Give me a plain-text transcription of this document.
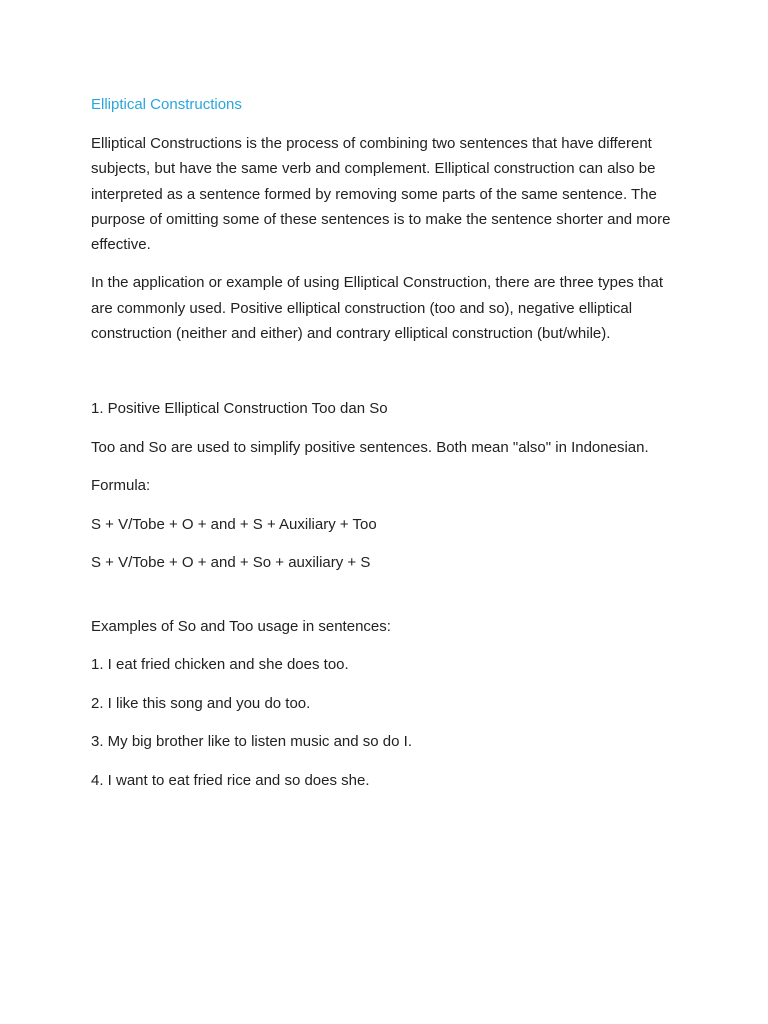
Elliptical Constructions

Elliptical Constructions is the process of combining two sentences that have different subjects, but have the same verb and complement. Elliptical construction can also be interpreted as a sentence formed by removing some parts of the same sentence. The purpose of omitting some of these sentences is to make the sentence shorter and more effective.

In the application or example of using Elliptical Construction, there are three types that are commonly used. Positive elliptical construction (too and so), negative elliptical construction (neither and either) and contrary elliptical construction (but/while).

1. Positive Elliptical Construction Too dan So

Too and So are used to simplify positive sentences. Both mean "also" in Indonesian.

Formula:

S + V/Tobe + O + and + S + Auxiliary + Too

S + V/Tobe + O + and + So + auxiliary + S

Examples of So and Too usage in sentences:

1. I eat fried chicken and she does too.

2. I like this song and you do too.

3. My big brother like to listen music and so do I.

4. I want to eat fried rice and so does she.
